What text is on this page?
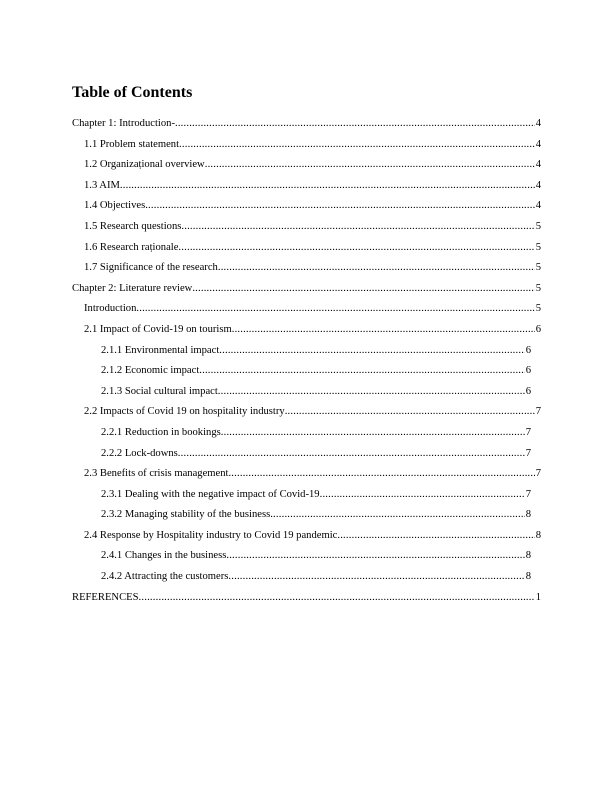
Table of Contents
Chapter 1: Introduction- .....	4
1.1 Problem statement .....	4
1.2 Organizaṭional overview .....	4
1.3 AIM .....	4
1.4 Objectives .....	4
1.5 Research questions .....	5
1.6 Research raṭionale .....	5
1.7 Significance of the research .....	5
Chapter 2: Literature review .....	5
Introduction .....	5
2.1 Impact of Covid-19 on tourism .....	6
2.1.1 Environmental impact .....	6
2.1.2 Economic impact .....	6
2.1.3 Social cultural impact .....	6
2.2 Impacts of Covid 19 on hospitality industry .....	7
2.2.1 Reduction in bookings .....	7
2.2.2 Lock-downs .....	7
2.3 Benefits of crisis management .....	7
2.3.1 Dealing with the negative impact of Covid-19 .....	7
2.3.2 Managing stability of the business .....	8
2.4 Response by Hospitality industry to Covid 19 pandemic .....	8
2.4.1 Changes in the business .....	8
2.4.2 Attracting the customers .....	8
REFERENCES .....	1
